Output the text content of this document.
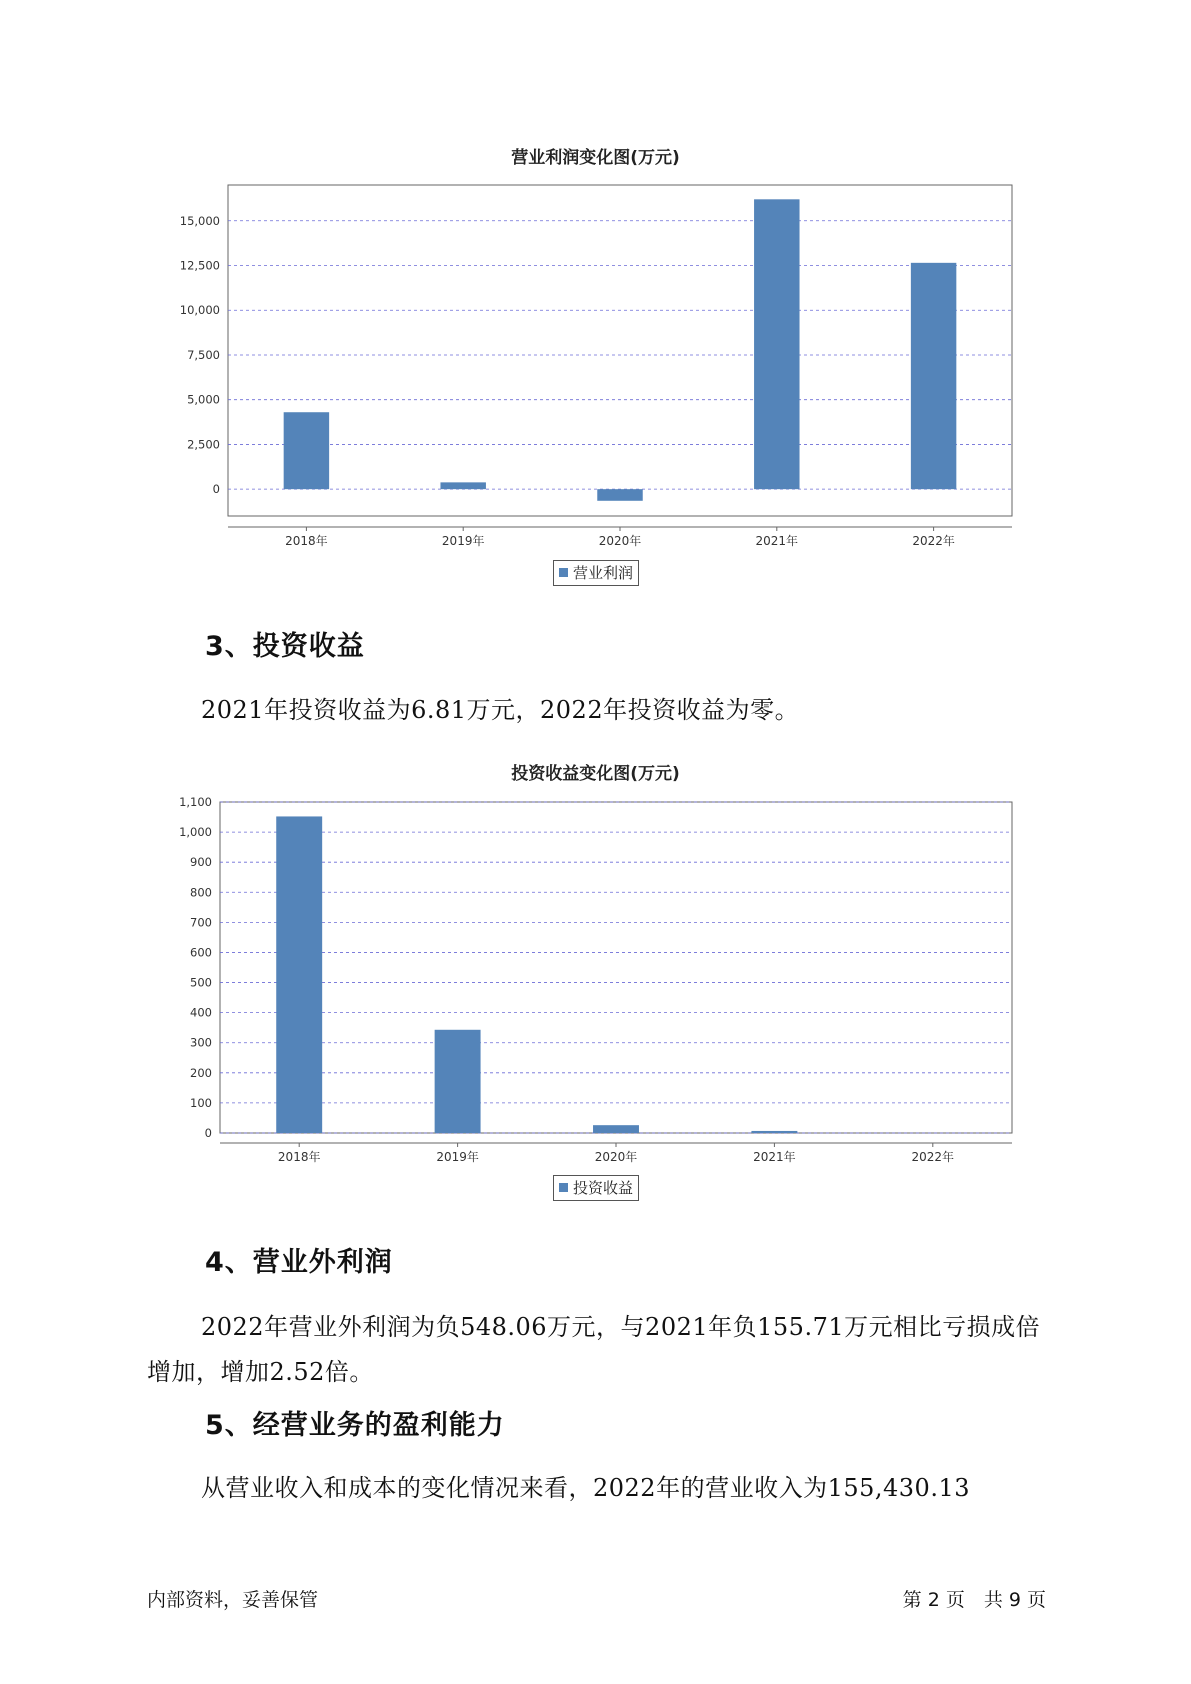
营业利润变化图(万元)
0
2,500
5,000
7,500
10,000
12,500
15,000
2018年	2019年	2020年	2021年	2022年
营业利润
3、投资收益

2021年投资收益为6.81万元，2022年投资收益为零。

投资收益变化图(万元)
0
100
200
300
400
500
600
700
800
900
1,000
1,100
2018年	2019年	2020年	2021年	2022年
投资收益
4、营业外利润

2022年营业外利润为负548.06万元，与2021年负155.71万元相比亏损成倍增加，增加2.52倍。

5、经营业务的盈利能力

从营业收入和成本的变化情况来看，2022年的营业收入为155,430.13

内部资料，妥善保管	第 2 页　共 9 页
